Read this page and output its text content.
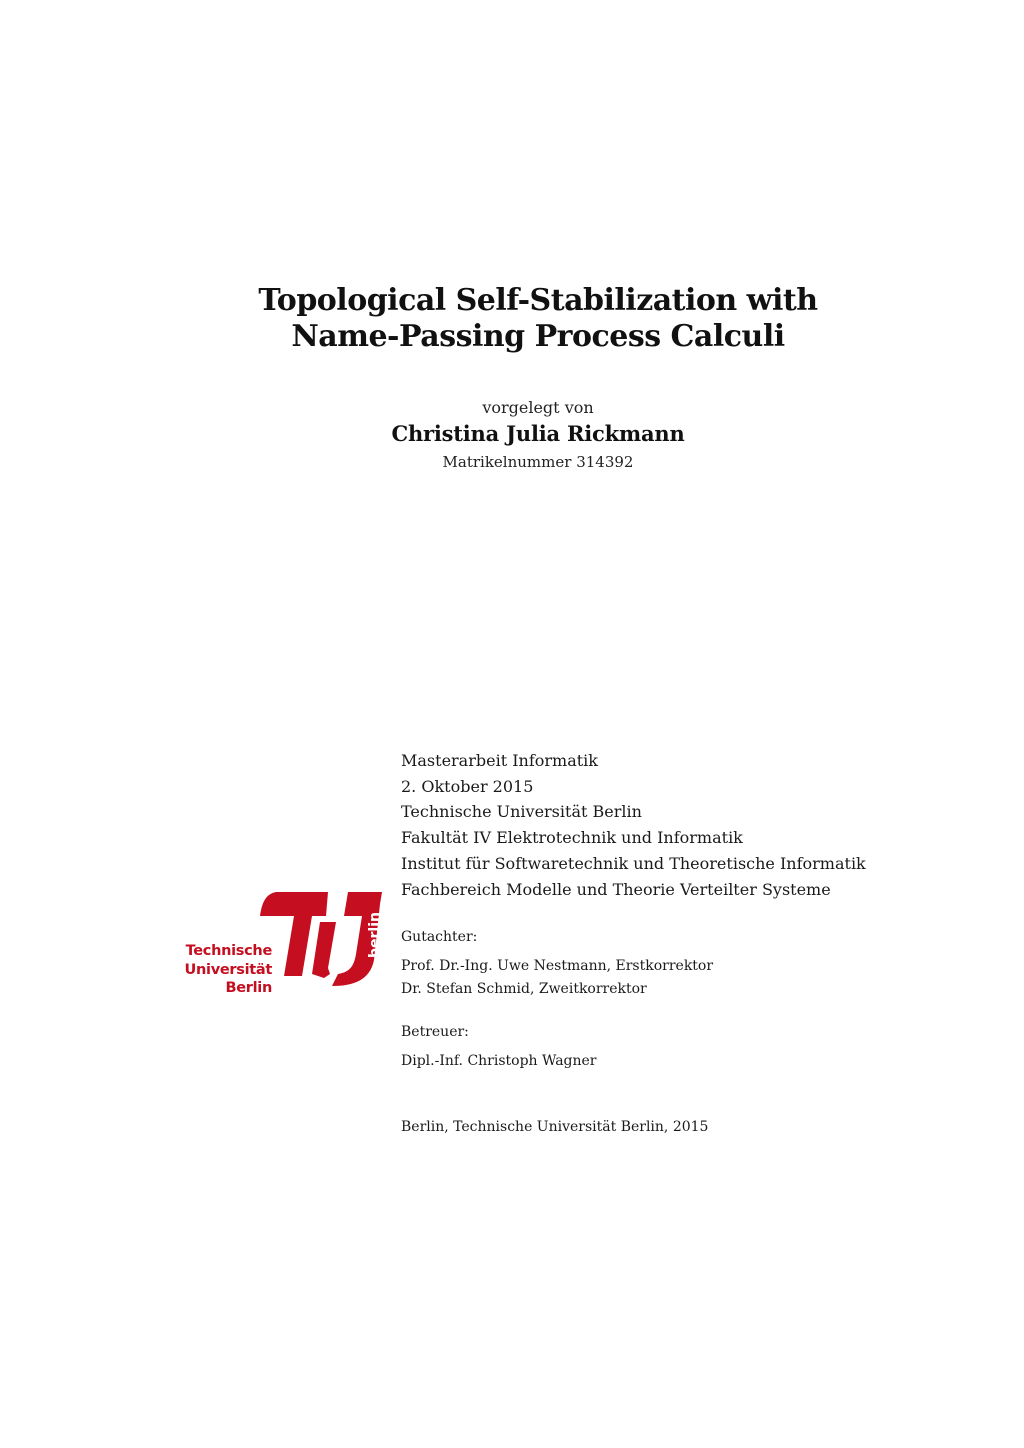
Topological Self-Stabilization with
Name-Passing Process Calculi
vorgelegt von
Christina Julia Rickmann
Matrikelnummer 314392
Masterarbeit Informatik
2. Oktober 2015
Technische Universität Berlin
Fakultät IV Elektrotechnik und Informatik
Institut für Softwaretechnik und Theoretische Informatik
Fachbereich Modelle und Theorie Verteilter Systeme
Gutachter:
Prof. Dr.-Ing. Uwe Nestmann, Erstkorrektor
Dr. Stefan Schmid, Zweitkorrektor
Betreuer:
Dipl.-Inf. Christoph Wagner
Berlin, Technische Universität Berlin, 2015
Technische
Universität
Berlin
berlin
